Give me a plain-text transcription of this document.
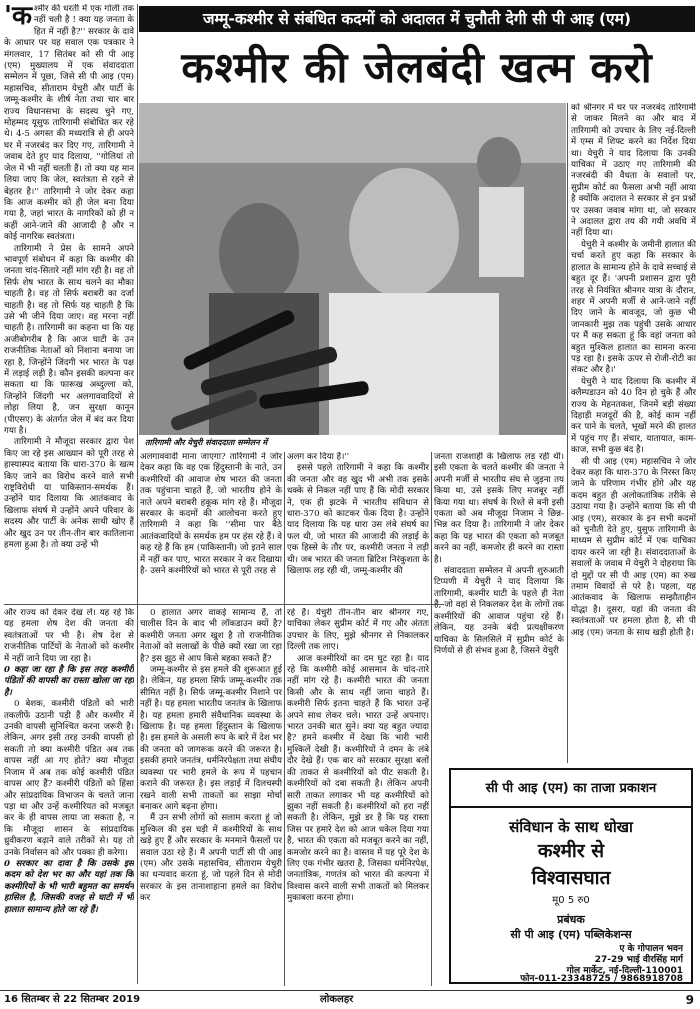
'क श्मीर की धरती में एक गोली तक नहीं चली है ! क्या यह जनता के हित में नहीं है?'' सरकार के दावे के आधार पर यह सवाल एक पत्रकार ने मंगलवार, 17 सितंबर को सी पी आइ (एम) मुख्यालय में एक संवाददाता सम्मेलन में पूछा, जिसे सी पी आइ (एम) महासचिव, सीताराम येचुरी और पार्टी के जम्मू-कश्मीर के शीर्ष नेता तथा चार बार राज्य विधानसभा के सदस्य चुने गए, मोहम्मद यूसुफ तारिगामी संबोधित कर रहे थे। 4-5 अगस्त की मध्यरात्रि से ही अपने घर में नजरबंद कर दिए गए, तारिगामी ने जवाब देते हुए याद दिलाया, ''गोलियां तो जेल में भी नहीं चलती हैं। तो क्या यह मान लिया जाए कि जेल, स्वतंत्रता से रहने से बेहतर है।'' तारिगामी ने जोर देकर कहा कि आज कश्मीर को ही जेल बना दिया गया है, जहां भारत के नागरिकों को ही न कहीं आने-जाने की आजादी है और न कोई नागरिक स्वतंत्रता।

तारिगामी ने प्रेस के सामने अपने भावपूर्ण संबोधन में कहा कि कश्मीर की जनता चांद-सितारे नहीं मांग रही है। वह तो सिर्फ शेष भारत के साथ चलने का मौका चाहती है। वह तो सिर्फ बराबरी का दर्जा चाहती है। वह तो सिर्फ यह चाहती है कि उसे भी जीने दिया जाए। वह मरना नहीं चाहती है। तारिगामी का कहना था कि यह अजीबोगरीब है कि आज घाटी के उन राजनीतिक नेताओं को निशाना बनाया जा रहा है, जिन्होंने जिंदगी भर भारत के पक्ष में लड़ाई लड़ी है। कौन इसकी कल्पना कर सकता था कि फारूख अब्दुल्ला को, जिन्होंने जिंदगी भर अलगाववादियों से लोहा लिया है, जन सुरक्षा कानून (पीएसए) के अंतर्गत जेल में बंद कर दिया गया है।

तारिगामी ने मौजूदा सरकार द्वारा पेश किए जा रहे इस आख्यान को पूरी तरह से हास्यास्पद बताया कि धारा-370 के खत्म किए जाने का विरोध करने वाले सभी राष्ट्रविरोधी या पाकिस्तान-समर्थक हैं। उन्होंने याद दिलाया कि आतंकवाद के खिलाफ संघर्ष में उन्होंने अपने परिवार के सदस्य और पार्टी के अनेक साथी खोए हैं और खुद उन पर तीन-तीन बार कातिलाना हमला हुआ है। तो क्या उन्हें भी

जम्मू-कश्मीर से संबंधित कदमों को अदालत में चुनौती देगी सी पी आइ (एम)
कश्मीर की जेलबंदी खत्म करो
तारिगामी और येचुरी संवाददाता सम्मेलन में

अलगाववादी माना जाएगा? तारिगामी ने जोर देकर कहा कि वह एक हिंदुस्तानी के नाते, उन कश्मीरियों की आवाज शेष भारत की जनता तक पहुंचाना चाहते हैं, जो भारतीय होने के नाते अपने बराबरी हकूक मांग रहे हैं। मौजूदा सरकार के कदमों की आलोचना करते हुए तारिगामी ने कहा कि ''सीमा पार बैठे आतंकवादियों के समर्थक हम पर हंस रहे हैं। वे कह रहे हैं कि हम (पाकिस्तानी) जो इतने साल में नहीं कर पाए, भारत सरकार ने कर दिखाया है- उसने कश्मीरियों को भारत से पूरी तरह से

अलग कर दिया है।''

इससे पहले तारिगामी ने कहा कि कश्मीर की जनता और वह खुद भी अभी तक इसके धक्के से निकल नहीं पाए हैं कि मोदी सरकार ने, एक ही झटके में भारतीय संविधान से धारा-370 को काटकर फेंक दिया है। उन्होंने याद दिलाया कि यह धारा उस लंबे संघर्ष का फल थी, जो भारत की आजादी की लड़ाई के एक हिस्से के तौर पर, कश्मीरी जनता ने लड़ी थी। जब भारत की जनता ब्रिटिश निरंकुशता के खिलाफ लड़ रही थी, जम्मू-कश्मीर की

जनता राजशाही के खिलाफ लड़ रही थी। इसी एकता के चलते कश्मीर की जनता ने अपनी मर्जी से भारतीय संघ से जुड़ना तय किया था, उसे इसके लिए मजबूर नहीं किया गया था। संघर्ष के रिश्ते से बनी इसी एकता को अब मौजूदा निजाम ने छिन्न-भिन्न कर दिया है। तारिगामी ने जोर देकर कहा कि यह भारत की एकता को मजबूत करने का नहीं, कमजोर ही करने का रास्ता है।

संवाददाता सम्मेलन में अपनी शुरुआती टिप्पणी में येचुरी ने याद दिलाया कि तारिगामी, कश्मीर घाटी के पहले ही नेता हैं, जो वहां से निकलकर देश के लोगों तक कश्मीरियों की आवाज पहुंचा रहे हैं। लेकिन, यह उनके बंदी प्रत्यक्षीकरण याचिका के सिलसिले में सुप्रीम कोर्ट के निर्णयों से ही संभव हुआ है, जिसने येचुरी

को श्रीनगर में घर पर नजरबंद तारिगामी से जाकर मिलने का और बाद में तारिगामी को उपचार के लिए नई-दिल्ली में एम्स में शिफ्ट करने का निर्देश दिया था। येचुरी ने याद दिलाया कि उनकी याचिका में उठाए गए तारिगामी की नजरबंदी की वैधता के सवालों पर, सुप्रीम कोर्ट का फैसला अभी नहीं आया है क्योंकि अदालत ने सरकार से इन प्रश्नों पर उसका जवाब मांगा था, जो सरकार ने अदालत द्वारा तय की गयी अवधि में नहीं दिया था।

येचुरी ने कश्मीर के जमीनी हालात की चर्चा करते हुए कहा कि सरकार के हालात के सामान्य होने के दावे सच्चाई से बहुत दूर हैं। 'अपनी प्रशासन द्वारा पूरी तरह से नियंत्रित श्रीनगर यात्रा के दौरान, शहर में अपनी मर्जी से आने-जाने नहीं दिए जाने के बावजूद, जो कुछ भी जानकारी मुझ तक पहुंची उसके आधार पर मैं कह सकता हूं कि वहां जनता को बहुत मुश्किल हालात का सामना करना पड़ रहा है। इसके ऊपर से रोजी-रोटी का संकट और है।'

येचुरी ने याद दिलाया कि कश्मीर में क्लैम्पडाउन को 40 दिन हो चुके हैं और राज्य के मेहनतकश, जिनमें बड़ी संख्या दिहाड़ी मजदूरों की है, कोई काम नहीं कर पाने के चलते, भूखों मरने की हालत में पहुंच गए हैं। संचार, यातायात, काम-काज, सभी कुछ बंद है।

सी पी आइ (एम) महासचिव ने जोर देकर कहा कि धारा-370 के निरस्त किए जाने के परिणाम गंभीर होंगे और यह कदम बहुत ही अलोकतांत्रिक तरीके से उठाया गया है। उन्होंने बताया कि सी पी आइ (एम), सरकार के इन सभी कदमों को चुनौती देते हुए, युसुफ तारिगामी के माध्यम से सुप्रीम कोर्ट में एक याचिका दायर करने जा रही है। संवाददाताओं के सवालों के जवाब में येचुरी ने दोहराया कि दो मुद्दों पर सी पी आइ (एम) का रुख तमाम विवादों से परे है। पहला, यह आतंकवाद के खिलाफ सम्झौताहीन योद्धा है। दूसरा, यहां की जनता की स्वतंत्रताओं पर हमला होता है, सी पी आइ (एम) जनता के साथ खड़ी होती है।

और राज्य को देकर देख लें। यह रहे कि यह हमला शेष देश की जनता की स्वतंत्रताओं पर भी है। शेष देश से राजनीतिक पार्टियों के नेताओं को कश्मीर में नहीं जाने दिया जा रहा है।

0 कहा जा रहा है कि इस तरह कश्मीरी पंडितों की वापसी का रास्ता खोला जा रहा है।

0 बेशक, कश्मीरी पंडितों को भारी तकलीफें उठानी पड़ी हैं और कश्मीर में उनकी वापसी सुनिश्चित करना जरूरी है। लेकिन, अगर इसी तरह उनकी वापसी हो सकती तो क्या कश्मीरी पंडित अब तक वापस नहीं आ गए होते? क्या मौजूदा निजाम में अब तक कोई कश्मीरी पंडित वापस आए हैं? कश्मीरी पंडितों को हिंसा और सांप्रदायिक विभाजन के चलते जाना पड़ा था और उन्हें कश्मीरियत को मजबूत कर के ही वापस लाया जा सकता है, न कि मौजूदा शासन के सांप्रदायिक ध्रुवीकरण बढ़ाने वाले तरीकों से। यह तो उनके निर्वासन को और पक्का ही करेगा।

0 सरकार का दावा है कि उसके इस कदम को देश भर का और यहां तक कि कश्मीरियों के भी भारी बहुमत का समर्थन हासिल है, जिसकी वजह से घाटी में भी हालात सामान्य होते जा रहे हैं।

0 हालात अगर वाकई सामान्य हैं, तो चालीस दिन के बाद भी लॉकडाउन क्यों है? कश्मीरी जनता अगर खुश है तो राजनीतिक नेताओं को सलाखों के पीछे क्यों रखा जा रहा है? इस झूठ से आप किसे बहका सकते हैं?

जम्मू-कश्मीर से इस हमले की शुरूआत हुई है। लेकिन, यह हमला सिर्फ जम्मू-कश्मीर तक सीमित नहीं है। सिर्फ जम्मू-कश्मीर निशाने पर नहीं है। यह हमला भारतीय जनतंत्र के खिलाफ है। यह हमला हमारी संवैधानिक व्यवस्था के खिलाफ है। यह हमला हिंदुस्तान के खिलाफ है। इस हमले के असली रूप के बारे में देश भर की जनता को जागरूक करने की जरूरत है। इसकी हमारे जनतंत्र, धर्मनिरपेक्षता तथा संघीय व्यवस्था पर भारी हमले के रूप में पहचान कराने की जरूरत है। इस लड़ाई में दिलचस्पी रखने वाली सभी ताकतों का साझा मोर्चा बनाकर आगे बढ़ना होगा।

मैं उन सभी लोगों को सलाम करता हूं जो मुश्किल की इस घड़ी में कश्मीरियों के साथ खड़े हुए हैं और सरकार के मनमाने फैसलों पर सवाल उठा रहे हैं। मैं अपनी पार्टी सी पी आइ (एम) और उसके महासचिव, सीताराम येचुरी का धन्यवाद करता हूं, जो पहले दिन से मोदी सरकार के इस तानाशाहाना हमले का विरोध कर

रहे हैं। येचुरी तीन-तीन बार श्रीनगर गए, याचिका लेकर सुप्रीम कोर्ट में गए और अंततः उपचार के लिए, मुझे श्रीनगर से निकालकर दिल्ली तक लाए।

आज कश्मीरियों का दम घुट रहा है। याद रहे कि कश्मीरी कोई आसमान के चांद-तारे नहीं मांग रहे हैं। कश्मीरी भारत की जनता किसी और के साथ नहीं जाना चाहते हैं। कश्मीरी सिर्फ इतना चाहते हैं कि भारत उन्हें अपने साथ लेकर चले। भारत उन्हें अपनाए। भारत उनकी बात सुने। क्या यह बहुत ज्यादा है? हमने कश्मीर में देखा कि भारी भारी मुश्किलें देखी हैं। कश्मीरियों ने दमन के लंबे दौर देखे हैं। एक बार को सरकार सुरक्षा बलों की ताकत से कश्मीरियों को पीट सकती है। कश्मीरियों को दबा सकती है। लेकिन अपनी सारी ताकत लगाकर भी यह कश्मीरियों को झुका नहीं सकती है। कश्मीरियों को हरा नहीं सकती है। लेकिन, मुझे डर है कि यह रास्ता जिस पर हमारे देश को आज धकेल दिया गया है, भारत की एकता को मजबूत करने का नहीं, कमजोर करने का है। वास्तव में यह पूरे देश के लिए एक गंभीर खतरा है, जिसका धर्मनिरपेक्ष, जनतांत्रिक, गणतंत्र को भारत की कल्पना में विश्वास करने वाली सभी ताकतों को मिलकर मुकाबला करना होगा।

सी पी आइ (एम) का ताजा प्रकाशन
संविधान के साथ धोखा
कश्मीर से
विश्वासघात
मू0 5 रु0
प्रबंधक
सी पी आइ (एम) पब्लिकेशन्स
ए के गोपालन भवन
27-29 भाई वीरसिंह मार्ग
गोल मार्केट, नई-दिल्ली-110001
फोन-011-23348725 / 9868918708
16 सितम्बर से 22 सितम्बर 2019	लोकलहर	9
